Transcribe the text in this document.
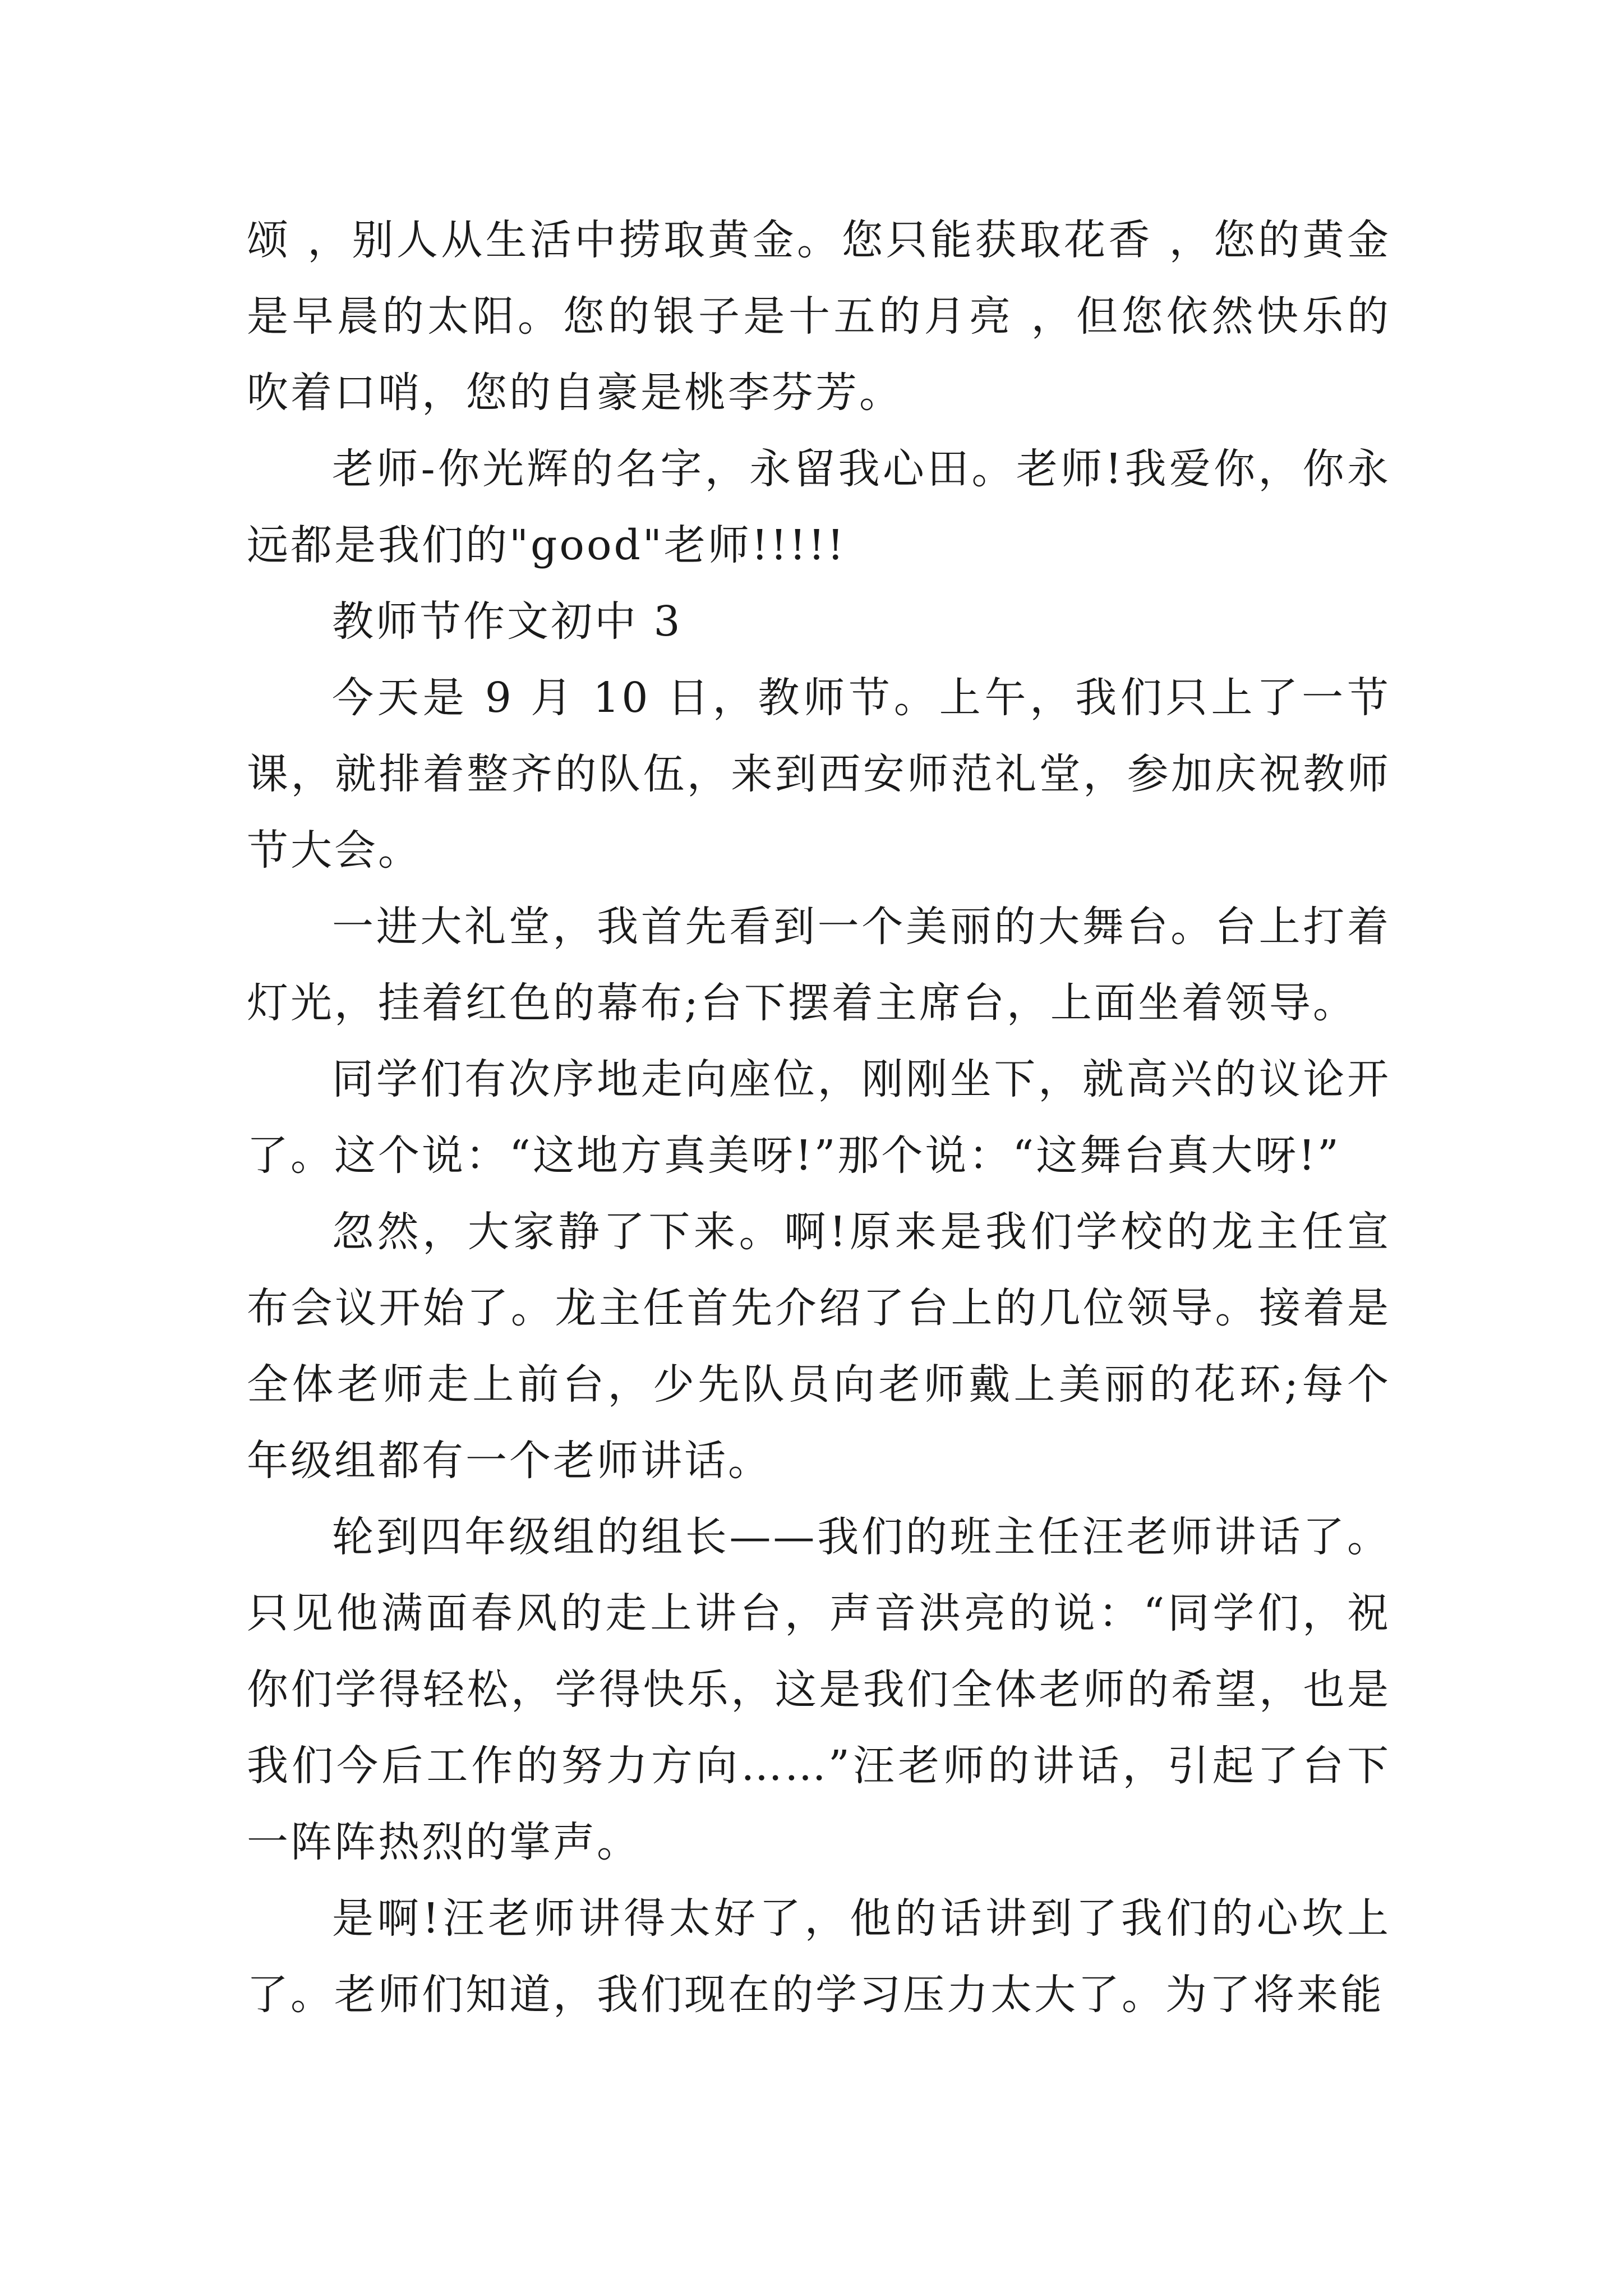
颂 ，别人从生活中捞取黄金。您只能获取花香 ，您的黄金是早晨的太阳。您的银子是十五的月亮 ，但您依然快乐的吹着口哨，您的自豪是桃李芬芳。

老师-你光辉的名字，永留我心田。老师!我爱你，你永远都是我们的"good"老师!!!!!

教师节作文初中 3

今天是 9 月 10 日，教师节。上午，我们只上了一节课，就排着整齐的队伍，来到西安师范礼堂，参加庆祝教师节大会。

一进大礼堂，我首先看到一个美丽的大舞台。台上打着灯光，挂着红色的幕布;台下摆着主席台，上面坐着领导。

同学们有次序地走向座位，刚刚坐下，就高兴的议论开了。这个说：“这地方真美呀!”那个说：“这舞台真大呀!”

忽然，大家静了下来。啊!原来是我们学校的龙主任宣布会议开始了。龙主任首先介绍了台上的几位领导。接着是全体老师走上前台，少先队员向老师戴上美丽的花环;每个年级组都有一个老师讲话。

轮到四年级组的组长——我们的班主任汪老师讲话了。只见他满面春风的走上讲台，声音洪亮的说：“同学们，祝你们学得轻松，学得快乐，这是我们全体老师的希望，也是我们今后工作的努力方向……”汪老师的讲话，引起了台下一阵阵热烈的掌声。

是啊!汪老师讲得太好了，他的话讲到了我们的心坎上了。老师们知道，我们现在的学习压力太大了。为了将来能
